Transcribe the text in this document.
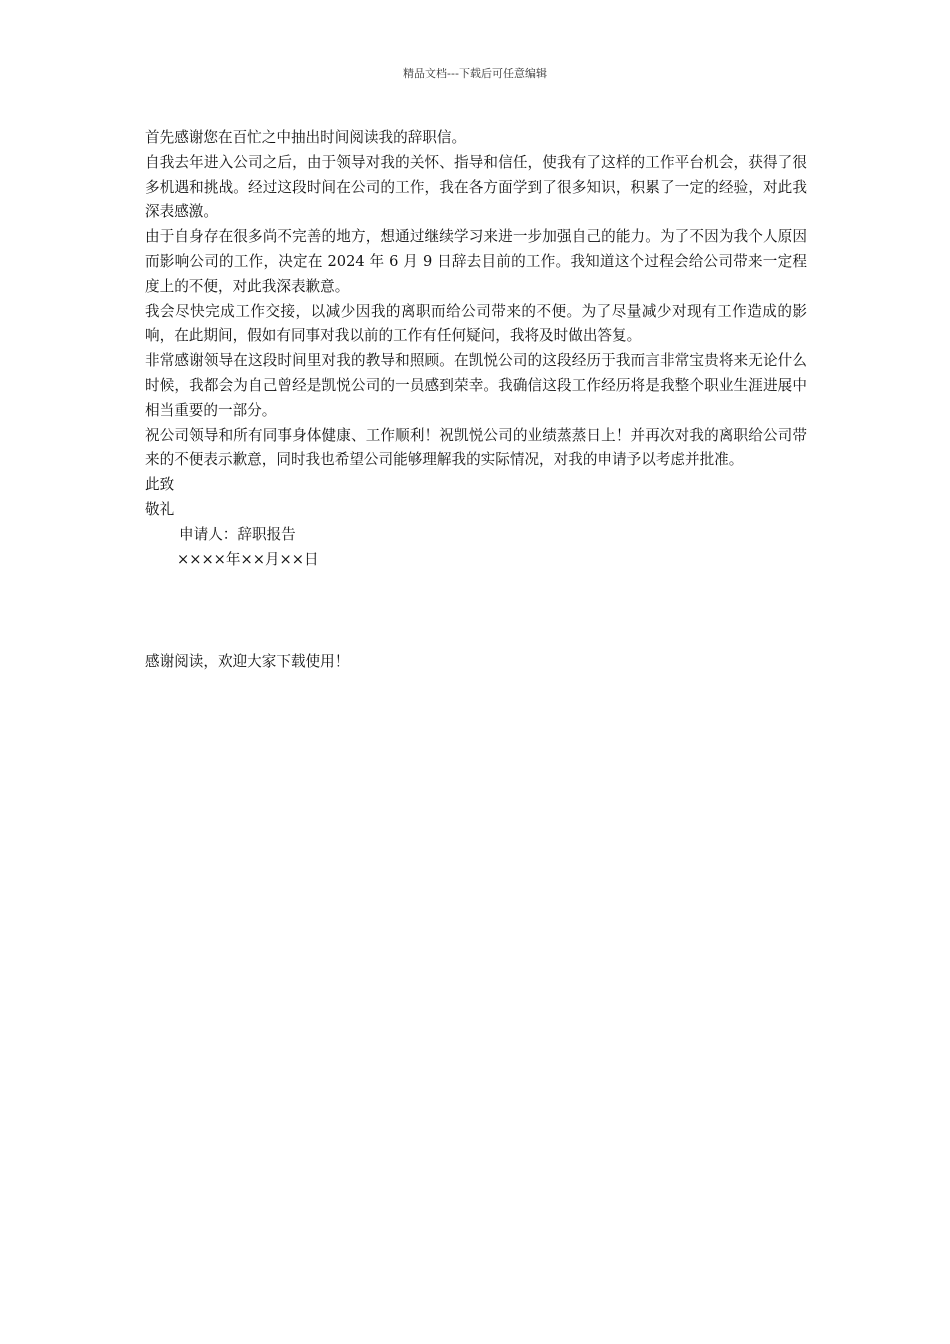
精品文档---下载后可任意编辑

首先感谢您在百忙之中抽出时间阅读我的辞职信。

自我去年进入公司之后，由于领导对我的关怀、指导和信任，使我有了这样的工作平台机会，获得了很多机遇和挑战。经过这段时间在公司的工作，我在各方面学到了很多知识，积累了一定的经验，对此我深表感激。

由于自身存在很多尚不完善的地方，想通过继续学习来进一步加强自己的能力。为了不因为我个人原因而影响公司的工作，决定在 2024 年 6 月 9 日辞去目前的工作。我知道这个过程会给公司带来一定程度上的不便，对此我深表歉意。

我会尽快完成工作交接，以减少因我的离职而给公司带来的不便。为了尽量减少对现有工作造成的影响，在此期间，假如有同事对我以前的工作有任何疑问，我将及时做出答复。

非常感谢领导在这段时间里对我的教导和照顾。在凯悦公司的这段经历于我而言非常宝贵将来无论什么时候，我都会为自己曾经是凯悦公司的一员感到荣幸。我确信这段工作经历将是我整个职业生涯进展中相当重要的一部分。

祝公司领导和所有同事身体健康、工作顺利！祝凯悦公司的业绩蒸蒸日上！并再次对我的离职给公司带来的不便表示歉意，同时我也希望公司能够理解我的实际情况，对我的申请予以考虑并批准。

此致

敬礼

申请人：辞职报告

××××年××月××日

感谢阅读，欢迎大家下载使用！
